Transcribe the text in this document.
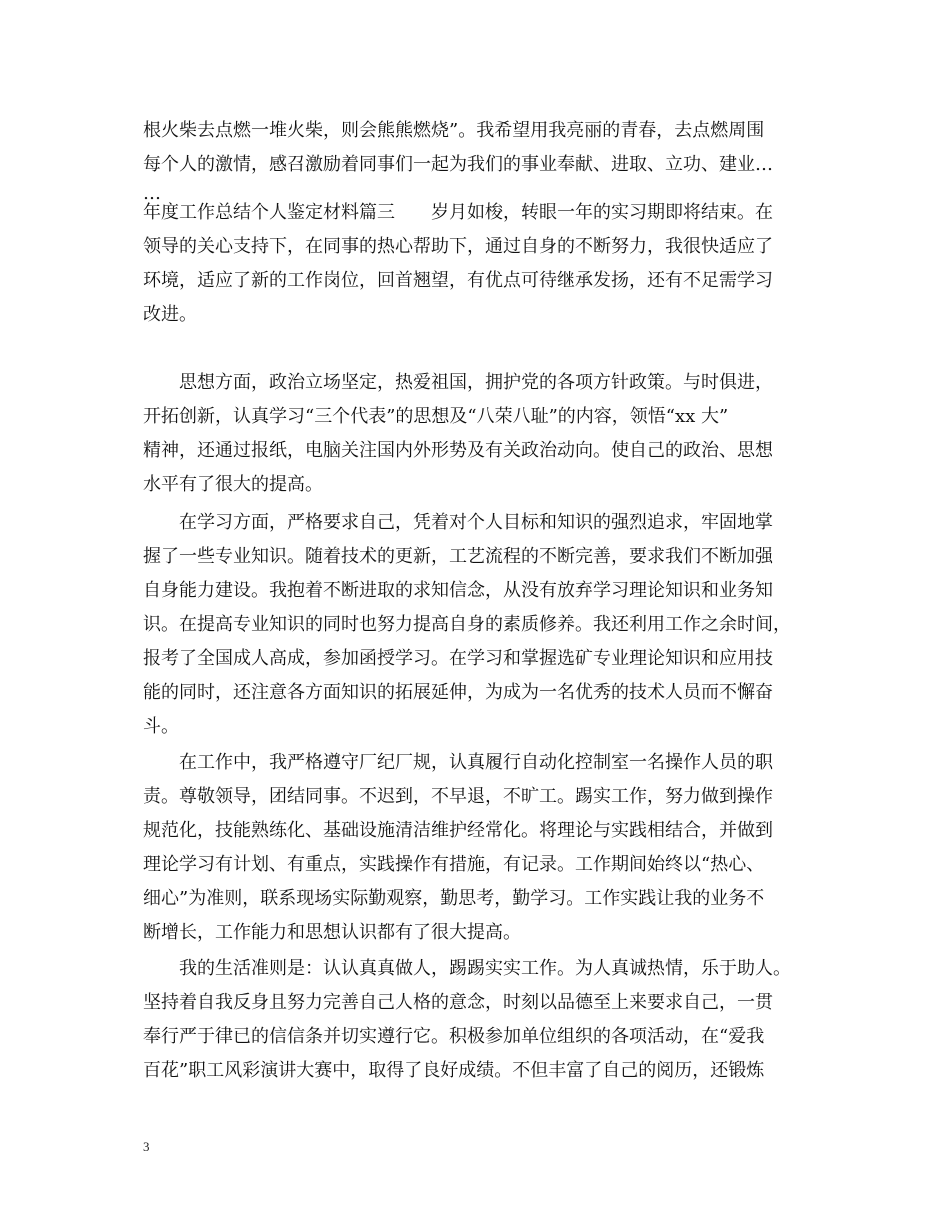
根火柴去点燃一堆火柴，则会熊熊燃烧”。我希望用我亮丽的青春，去点燃周围
每个人的激情，感召激励着同事们一起为我们的事业奉献、进取、立功、建业…
…
年度工作总结个人鉴定材料篇三　　岁月如梭，转眼一年的实习期即将结束。在
领导的关心支持下，在同事的热心帮助下，通过自身的不断努力，我很快适应了
环境，适应了新的工作岗位，回首翘望，有优点可待继承发扬，还有不足需学习
改进。
思想方面，政治立场坚定，热爱祖国，拥护党的各项方针政策。与时俱进，
开拓创新，认真学习“三个代表”的思想及“八荣八耻”的内容，领悟“xx 大”
精神，还通过报纸，电脑关注国内外形势及有关政治动向。使自己的政治、思想
水平有了很大的提高。
在学习方面，严格要求自己，凭着对个人目标和知识的强烈追求，牢固地掌
握了一些专业知识。随着技术的更新，工艺流程的不断完善，要求我们不断加强
自身能力建设。我抱着不断进取的求知信念，从没有放弃学习理论知识和业务知
识。在提高专业知识的同时也努力提高自身的素质修养。我还利用工作之余时间，
报考了全国成人高成，参加函授学习。在学习和掌握选矿专业理论知识和应用技
能的同时，还注意各方面知识的拓展延伸，为成为一名优秀的技术人员而不懈奋
斗。
在工作中，我严格遵守厂纪厂规，认真履行自动化控制室一名操作人员的职
责。尊敬领导，团结同事。不迟到，不早退，不旷工。踢实工作，努力做到操作
规范化，技能熟练化、基础设施清洁维护经常化。将理论与实践相结合，并做到
理论学习有计划、有重点，实践操作有措施，有记录。工作期间始终以“热心、
细心”为准则，联系现场实际勤观察，勤思考，勤学习。工作实践让我的业务不
断增长，工作能力和思想认识都有了很大提高。
我的生活准则是：认认真真做人，踢踢实实工作。为人真诚热情，乐于助人。
坚持着自我反身且努力完善自己人格的意念，时刻以品德至上来要求自己，一贯
奉行严于律已的信信条并切实遵行它。积极参加单位组织的各项活动，在“爱我
百花”职工风彩演讲大赛中，取得了良好成绩。不但丰富了自己的阅历，还锻炼
3
